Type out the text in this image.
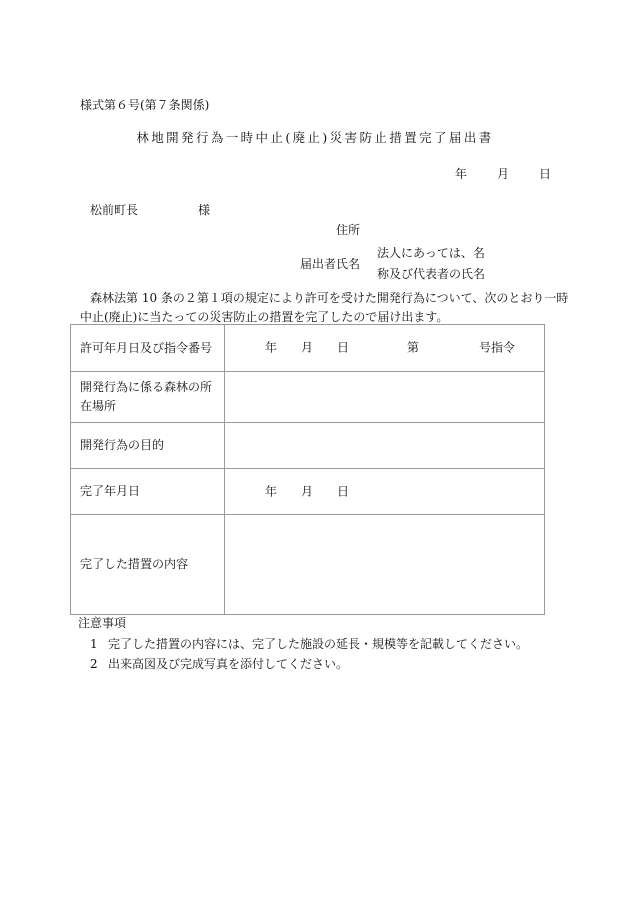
様式第６号(第７条関係)
林地開発行為一時中止(廃止)災害防止措置完了届出書
年 月 日
松前町長	様
住所
届出者氏名
法人にあっては、名
称及び代表者の氏名
森林法第 10 条の２第１項の規定により許可を受けた開発行為について、次のとおり一時
中止(廃止)に当たっての災害防止の措置を完了したので届け出ます。
許可年月日及び指令番号	年 月 日 第 号指令

開発行為に係る森林の所
在場所	

開発行為の目的	
完了年月日	年 月 日

完了した措置の内容	
注意事項
1 完了した措置の内容には、完了した施設の延長・規模等を記載してください。
2 出来高図及び完成写真を添付してください。
